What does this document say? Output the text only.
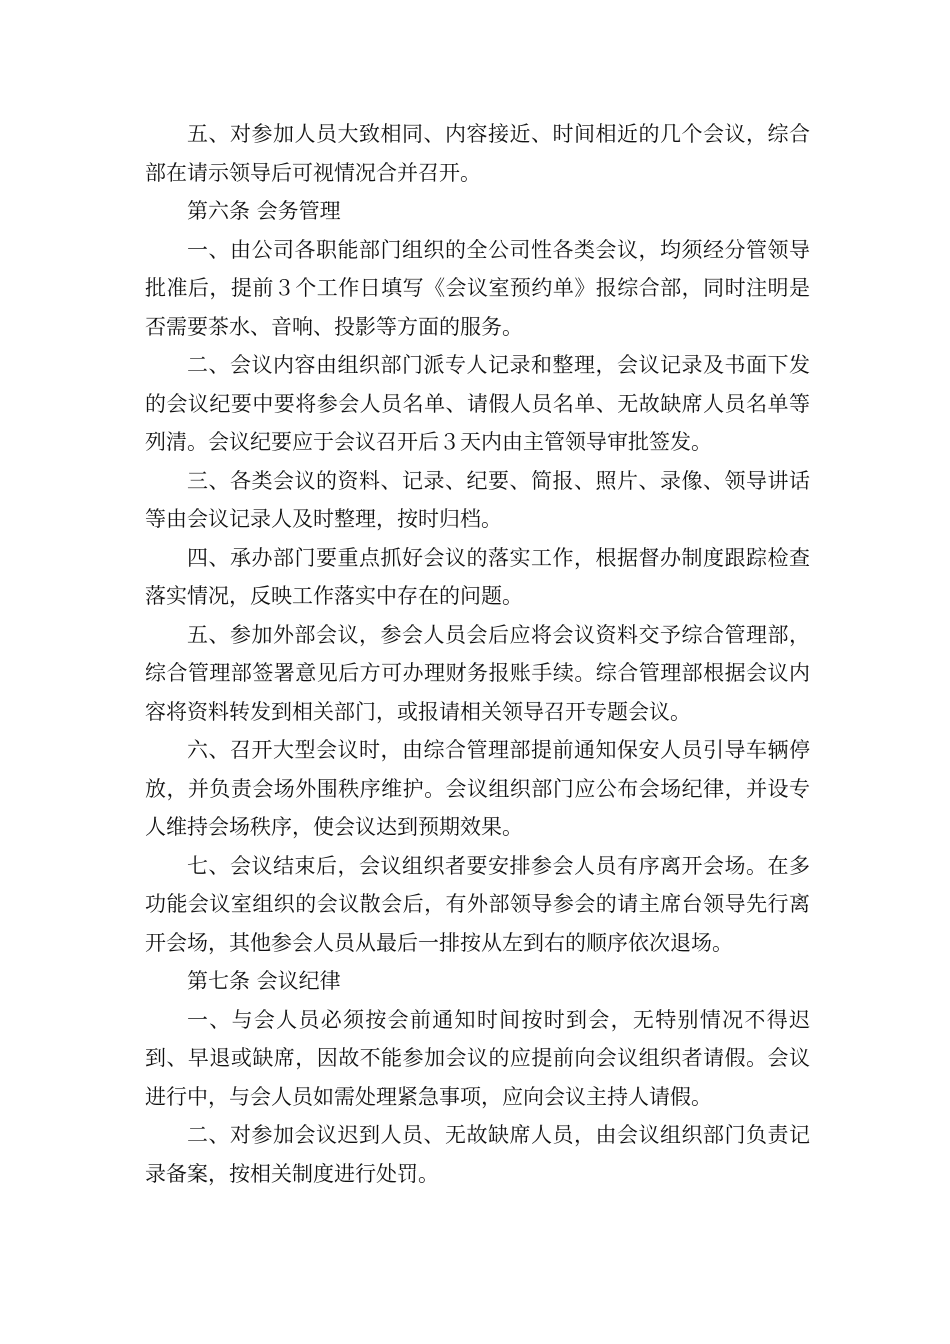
五、对参加人员大致相同、内容接近、时间相近的几个会议，综合部在请示领导后可视情况合并召开。

第六条 会务管理

一、由公司各职能部门组织的全公司性各类会议，均须经分管领导批准后，提前３个工作日填写《会议室预约单》报综合部，同时注明是否需要茶水、音响、投影等方面的服务。

二、会议内容由组织部门派专人记录和整理，会议记录及书面下发的会议纪要中要将参会人员名单、请假人员名单、无故缺席人员名单等列清。会议纪要应于会议召开后３天内由主管领导审批签发。

三、各类会议的资料、记录、纪要、简报、照片、录像、领导讲话等由会议记录人及时整理，按时归档。

四、承办部门要重点抓好会议的落实工作，根据督办制度跟踪检查落实情况，反映工作落实中存在的问题。

五、参加外部会议，参会人员会后应将会议资料交予综合管理部，综合管理部签署意见后方可办理财务报账手续。综合管理部根据会议内容将资料转发到相关部门，或报请相关领导召开专题会议。

六、召开大型会议时，由综合管理部提前通知保安人员引导车辆停放，并负责会场外围秩序维护。会议组织部门应公布会场纪律，并设专人维持会场秩序，使会议达到预期效果。

七、会议结束后，会议组织者要安排参会人员有序离开会场。在多功能会议室组织的会议散会后，有外部领导参会的请主席台领导先行离开会场，其他参会人员从最后一排按从左到右的顺序依次退场。

第七条 会议纪律

一、与会人员必须按会前通知时间按时到会，无特别情况不得迟到、早退或缺席，因故不能参加会议的应提前向会议组织者请假。会议进行中，与会人员如需处理紧急事项，应向会议主持人请假。

二、对参加会议迟到人员、无故缺席人员，由会议组织部门负责记录备案，按相关制度进行处罚。
